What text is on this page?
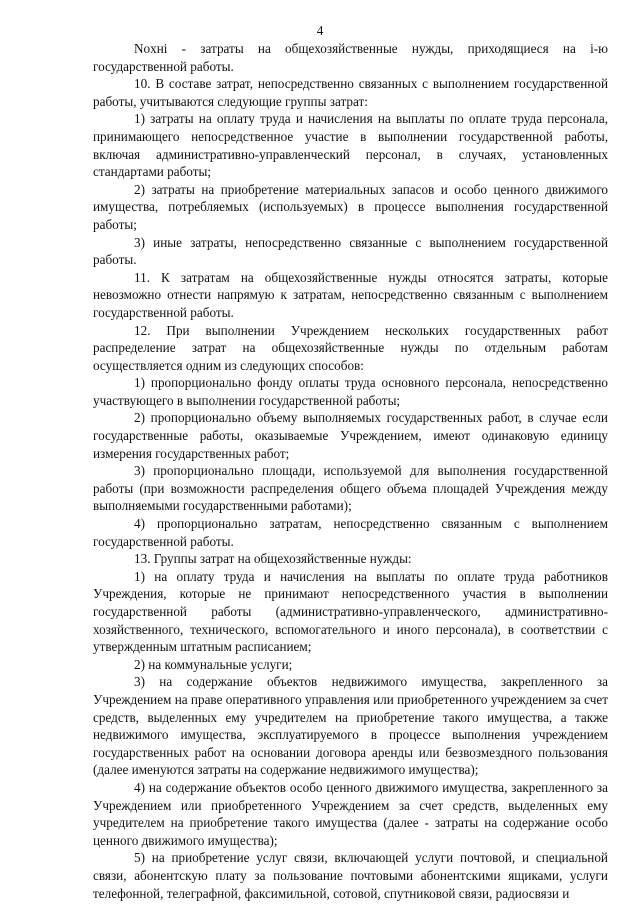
4

Noxнi - затраты на общехозяйственные нужды, приходящиеся на i-ю государственной работы.

10. В составе затрат, непосредственно связанных с выполнением государственной работы, учитываются следующие группы затрат:

1) затраты на оплату труда и начисления на выплаты по оплате труда персонала, принимающего непосредственное участие в выполнении государственной работы, включая административно-управленческий персонал, в случаях, установленных стандартами работы;

2) затраты на приобретение материальных запасов и особо ценного движимого имущества, потребляемых (используемых) в процессе выполнения государственной работы;

3) иные затраты, непосредственно связанные с выполнением государственной работы.

11. К затратам на общехозяйственные нужды относятся затраты, которые невозможно отнести напрямую к затратам, непосредственно связанным с выполнением государственной работы.

12. При выполнении Учреждением нескольких государственных работ распределение затрат на общехозяйственные нужды по отдельным работам осуществляется одним из следующих способов:

1) пропорционально фонду оплаты труда основного персонала, непосредственно участвующего в выполнении государственной работы;

2) пропорционально объему выполняемых государственных работ, в случае если государственные работы, оказываемые Учреждением, имеют одинаковую единицу измерения государственных работ;

3) пропорционально площади, используемой для выполнения государственной работы (при возможности распределения общего объема площадей Учреждения между выполняемыми государственными работами);

4) пропорционально затратам, непосредственно связанным с выполнением государственной работы.

13. Группы затрат на общехозяйственные нужды:

1) на оплату труда и начисления на выплаты по оплате труда работников Учреждения, которые не принимают непосредственного участия в выполнении государственной работы (административно-управленческого, административно-хозяйственного, технического, вспомогательного и иного персонала), в соответствии с утвержденным штатным расписанием;

2) на коммунальные услуги;

3) на содержание объектов недвижимого имущества, закрепленного за Учреждением на праве оперативного управления или приобретенного учреждением за счет средств, выделенных ему учредителем на приобретение такого имущества, а также недвижимого имущества, эксплуатируемого в процессе выполнения учреждением государственных работ на основании договора аренды или безвозмездного пользования (далее именуются затраты на содержание недвижимого имущества);

4) на содержание объектов особо ценного движимого имущества, закрепленного за Учреждением или приобретенного Учреждением за счет средств, выделенных ему учредителем на приобретение такого имущества (далее - затраты на содержание особо ценного движимого имущества);

5) на приобретение услуг связи, включающей услуги почтовой, и специальной связи, абонентскую плату за пользование почтовыми абонентскими ящиками, услуги телефонной, телеграфной, факсимильной, сотовой, спутниковой связи, радиосвязи и
